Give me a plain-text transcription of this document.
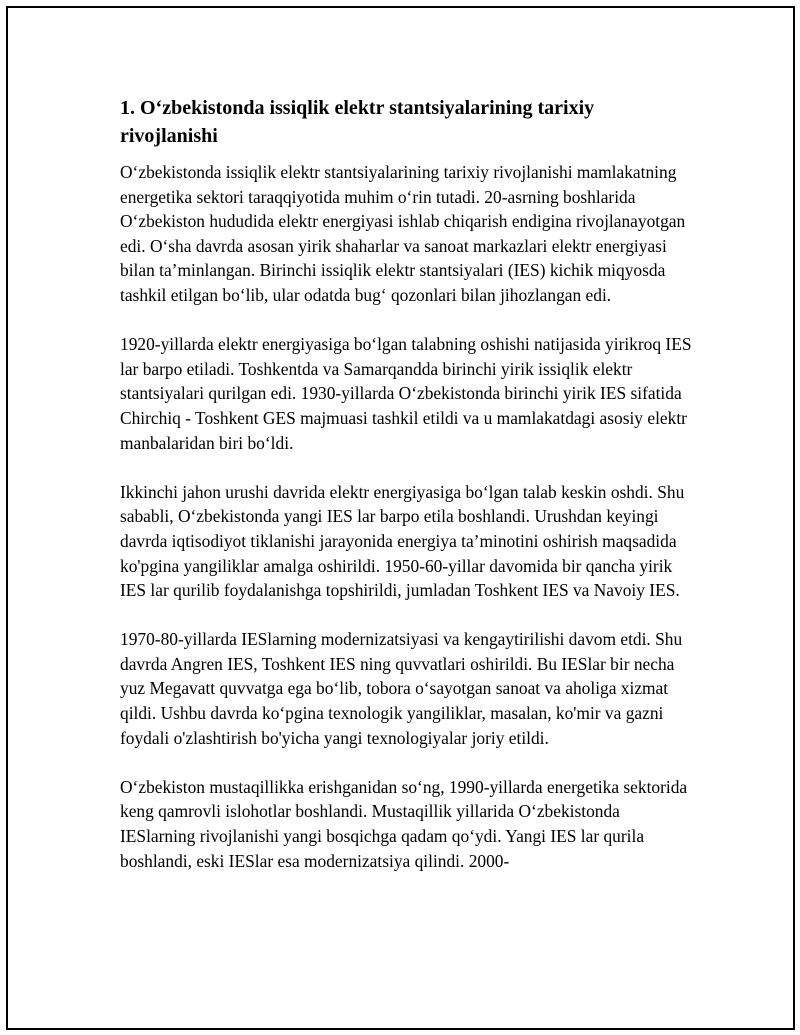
1. O‘zbekistonda issiqlik elektr stantsiyalarining tarixiy rivojlanishi

O‘zbekistonda issiqlik elektr stantsiyalarining tarixiy rivojlanishi mamlakatning energetika sektori taraqqiyotida muhim o‘rin tutadi. 20-asrning boshlarida O‘zbekiston hududida elektr energiyasi ishlab chiqarish endigina rivojlanayotgan edi. O‘sha davrda asosan yirik shaharlar va sanoat markazlari elektr energiyasi bilan ta’minlangan. Birinchi issiqlik elektr stantsiyalari (IES) kichik miqyosda tashkil etilgan bo‘lib, ular odatda bug‘ qozonlari bilan jihozlangan edi.

1920-yillarda elektr energiyasiga bo‘lgan talabning oshishi natijasida yirikroq IES lar barpo etiladi. Toshkentda va Samarqandda birinchi yirik issiqlik elektr stantsiyalari qurilgan edi. 1930-yillarda O‘zbekistonda birinchi yirik IES sifatida Chirchiq - Toshkent GES majmuasi tashkil etildi va u mamlakatdagi asosiy elektr manbalaridan biri bo‘ldi.

Ikkinchi jahon urushi davrida elektr energiyasiga bo‘lgan talab keskin oshdi. Shu sababli, O‘zbekistonda yangi IES lar barpo etila boshlandi. Urushdan keyingi davrda iqtisodiyot tiklanishi jarayonida energiya ta’minotini oshirish maqsadida ko'pgina yangiliklar amalga oshirildi. 1950-60-yillar davomida bir qancha yirik IES lar qurilib foydalanishga topshirildi, jumladan Toshkent IES va Navoiy IES.

1970-80-yillarda IESlarning modernizatsiyasi va kengaytirilishi davom etdi. Shu davrda Angren IES, Toshkent IES ning quvvatlari oshirildi. Bu IESlar bir necha yuz Megavatt quvvatga ega bo‘lib, tobora o‘sayotgan sanoat va aholiga xizmat qildi. Ushbu davrda ko‘pgina texnologik yangiliklar, masalan, ko'mir va gazni foydali o'zlashtirish bo'yicha yangi texnologiyalar joriy etildi.

O‘zbekiston mustaqillikka erishganidan so‘ng, 1990-yillarda energetika sektorida keng qamrovli islohotlar boshlandi. Mustaqillik yillarida O‘zbekistonda IESlarning rivojlanishi yangi bosqichga qadam qo‘ydi. Yangi IES lar qurila boshlandi, eski IESlar esa modernizatsiya qilindi. 2000-
